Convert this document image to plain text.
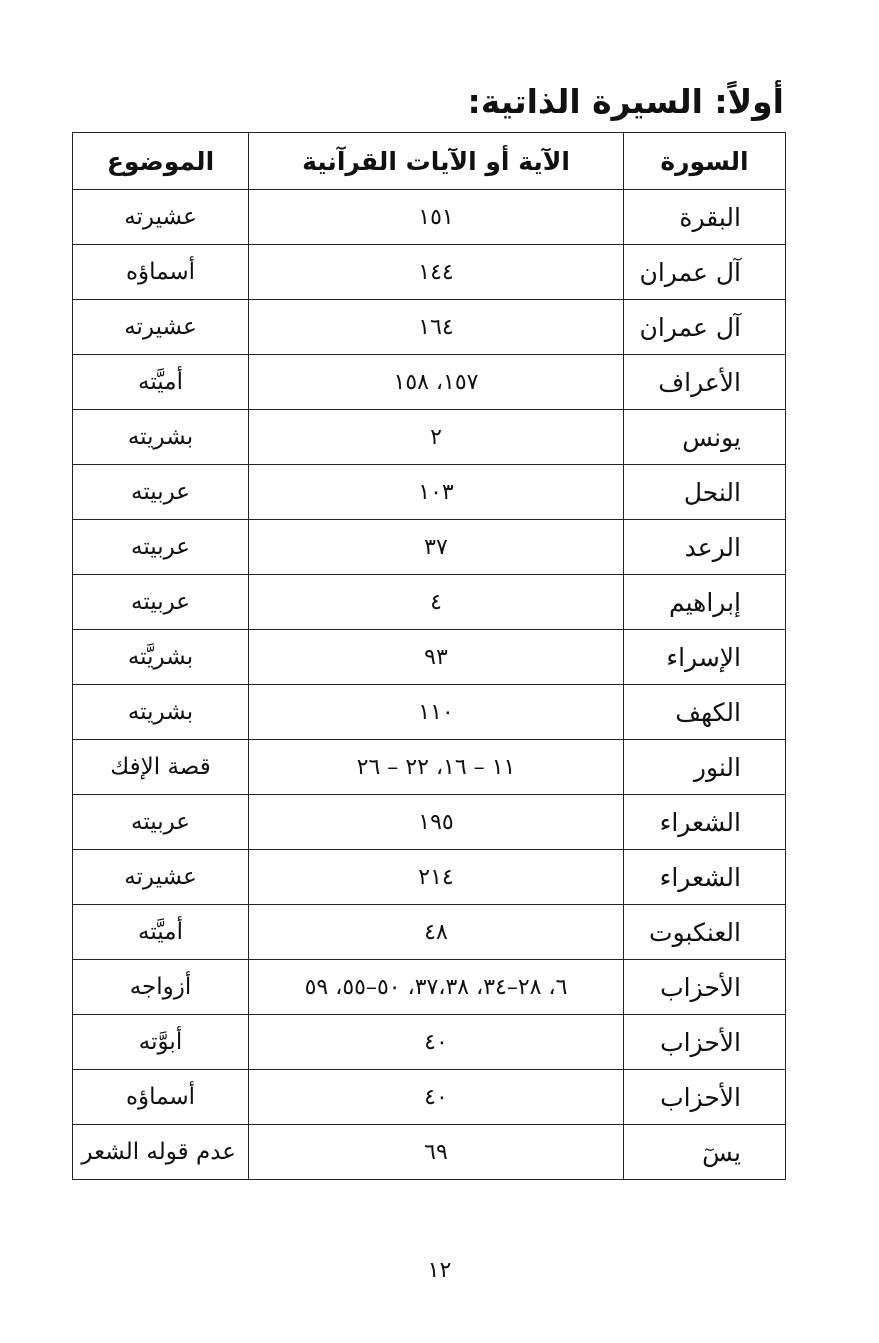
أولاً: السيرة الذاتية:
السورة	الآية أو الآيات القرآنية	الموضوع
البقرة	١٥١	عشيرته
آل عمران	١٤٤	أسماؤه
آل عمران	١٦٤	عشيرته
الأعراف	١٥٧، ١٥٨	أميَّته
يونس	٢	بشريته
النحل	١٠٣	عربيته
الرعد	٣٧	عربيته
إبراهيم	٤	عربيته
الإسراء	٩٣	بشريَّته
الكهف	١١٠	بشريته
النور	١١ – ١٦، ٢٢ – ٢٦	قصة الإفك
الشعراء	١٩٥	عربيته
الشعراء	٢١٤	عشيرته
العنكبوت	٤٨	أميَّته
الأحزاب	٦، ٢٨–٣٤، ٣٧،٣٨، ٥٠–٥٥، ٥٩	أزواجه
الأحزاب	٤٠	أبوَّته
الأحزاب	٤٠	أسماؤه
يسٓ	٦٩	عدم قوله الشعر
١٢
